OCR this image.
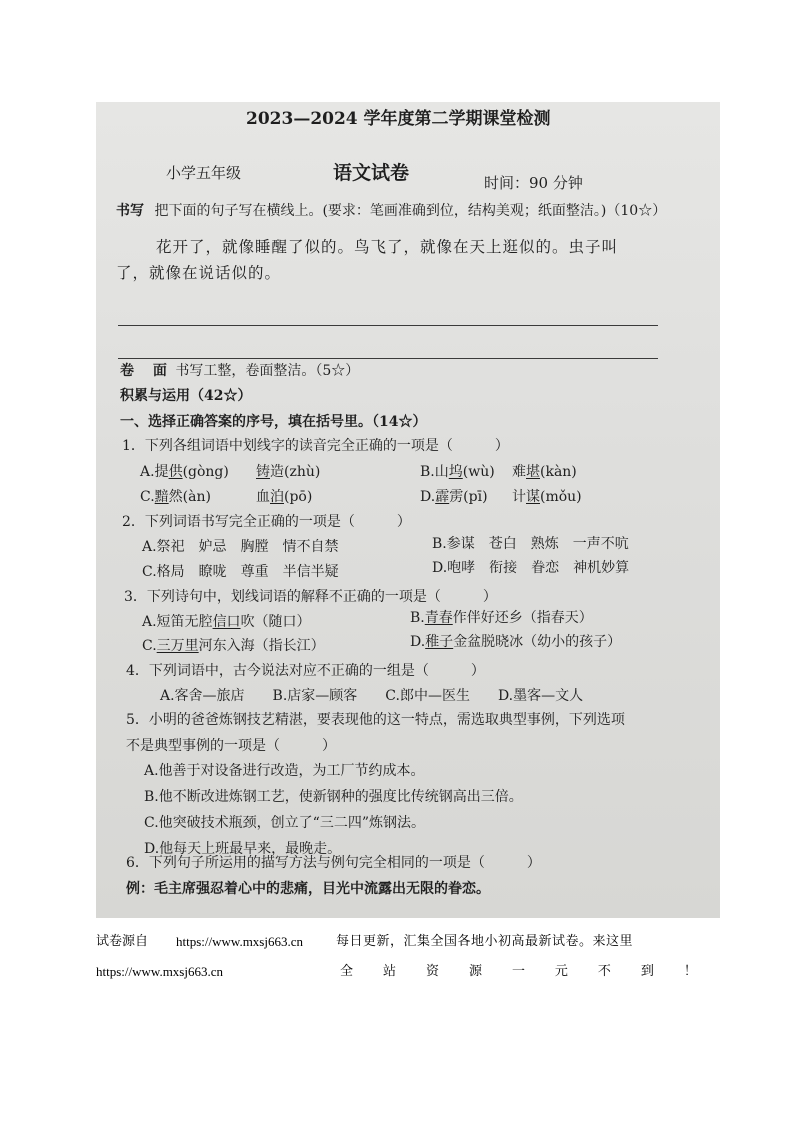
2023—2024 学年度第二学期课堂检测
小学五年级	语文试卷	时间：90 分钟
书写 把下面的句子写在横线上。(要求：笔画准确到位，结构美观；纸面整洁。)（10☆）
花开了，就像睡醒了似的。鸟飞了，就像在天上逛似的。虫子叫
了，就像在说话似的。
卷　 面 书写工整，卷面整洁。（5☆）
积累与运用（42☆）
一、选择正确答案的序号，填在括号里。（14☆）
1．下列各组词语中划线字的读音完全正确的一项是（　　　）
A.提供(gòng) 铸造(zhù)	B.山坞(wù) 难堪(kàn)
C.黯然(àn)	血泊(pō)	D.霹雳(pī) 计谋(mǒu)
2．下列词语书写完全正确的一项是（　　　）
A.祭祀　妒忌　胸膛　情不自禁	B.参谋　苍白　熟炼　一声不吭
C.格局　瞭咙　尊重　半信半疑	D.咆哮　衔接　眷恋　神机妙算
3．下列诗句中，划线词语的解释不正确的一项是（　　　）
A.短笛无腔信口吹（随口）	B.青春作伴好还乡（指春天）
C.三万里河东入海（指长江）	D.稚子金盆脱晓冰（幼小的孩子）
4．下列词语中，古今说法对应不正确的一组是（　　　）
A.客舍—旅店　　B.店家—顾客　　C.郎中—医生　　D.墨客—文人
5．小明的爸爸炼钢技艺精湛，要表现他的这一特点，需选取典型事例，下列选项
不是典型事例的一项是（　　　）
A.他善于对设备进行改造，为工厂节约成本。
B.他不断改进炼钢工艺，使新钢种的强度比传统钢高出三倍。
C.他突破技术瓶颈，创立了“三二四”炼钢法。
D.他每天上班最早来，最晚走。
6．下列句子所运用的描写方法与例句完全相同的一项是（　　　）
例：毛主席强忍着心中的悲痛，目光中流露出无限的眷恋。
试卷源自 https://www.mxsj663.cn	每日更新，汇集全国各地小初高最新试卷。来这里
https://www.mxsj663.cn	全 站 资 源 一 元 不 到 ！
